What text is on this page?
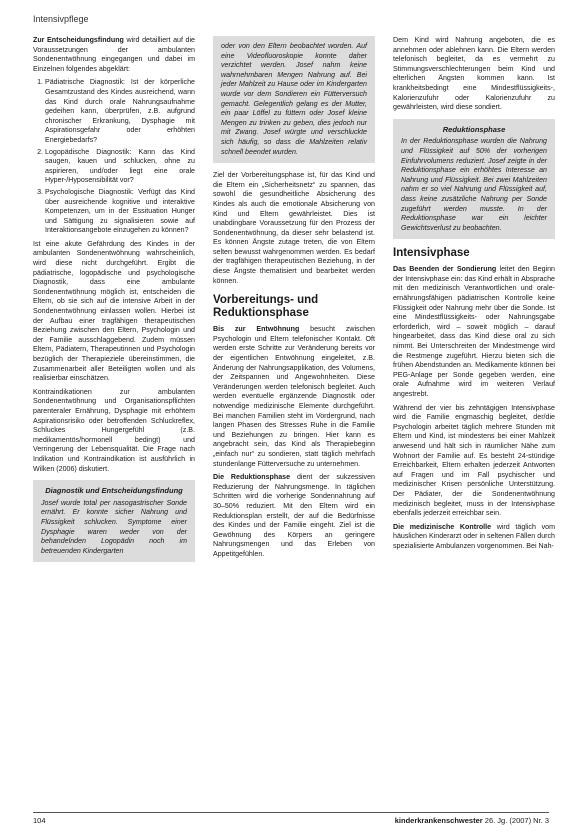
Intensivpflege

Zur Entscheidungsfindung wird detailliert auf die Voraussetzungen der ambulanten Sondenentwöhnung eingegangen und dabei im Einzelnen folgendes abgeklärt:

1. Pädiatrische Diagnostik: Ist der körperliche Gesamtzustand des Kindes ausreichend, wann das Kind durch orale Nahrungsaufnahme gedeihen kann, überprüfen, z.B. aufgrund chronischer Erkrankung, Dysphagie mit Aspirationsgefahr oder erhöhten Energiebedarfs?
2. Logopädische Diagnostik: Kann das Kind saugen, kauen und schlucken, ohne zu aspirieren, und/oder liegt eine orale Hyper-/Hyposensibilität vor?
3. Psychologische Diagnostik: Verfügt das Kind über ausreichende kognitive und interaktive Kompetenzen, um in der Essituation Hunger und Sättigung zu signalisieren sowie auf Interaktionsangebote einzugehen zu können?

Ist eine akute Gefährdung des Kindes in der ambulanten Sondenentwöhnung wahrscheinlich, wird diese nicht durchgeführt. Ergibt die pädiatrische, logopädische und psychologische Diagnostik, dass eine ambulante Sondenentwöhnung möglich ist, entscheiden die Eltern, ob sie sich auf die intensive Arbeit in der Sondenentwöhnung einlassen wollen. Hierbei ist der Aufbau einer tragfähigen therapeutischen Beziehung zwischen den Eltern, Psychologin und der Familie ausschlaggebend. Zudem müssen Eltern, Pädiatern, Therapeutinnen und Psychologin bezüglich der Therapieziele übereinstimmen, die Zusammenarbeit aller Beteiligten wollen und als realisierbar einschätzen.

Kontraindikationen zur ambulanten Sondenentwöhnung und Organisationspflichten parenteraler Ernährung, Dysphagie mit erhöhtem Aspirationsrisiko oder betroffenden Schluckreflex, Schluckes Hungergefühl (z.B. medikamentös/hormonell bedingt) und Verringerung der Lebensqualität. Die Frage nach Indikation und Kontraindikation ist ausführlich in Wilken (2006) diskutiert.

Diagnostik und Entscheidungsfindung

Josef wurde total per nasogastrischer Sonde ernährt. Er konnte sicher Nahrung und Flüssigkeit schlucken. Symptome einer Dysphagie waren weder von der behandelnden Logopädin noch im betreuenden Kindergarten

oder von den Eltern beobachtet worden. Auf eine Videofluoroskopie konnte daher verzichtet werden. Josef nahm keine wahrnehmbaren Mengen Nahrung auf. Bei jeder Mahlzeit zu Hause oder im Kindergarten wurde vor dem Sondieren ein Fütterversuch gemacht. Gelegentlich gelang es der Mutter, ein paar Löffel zu füttern oder Josef kleine Mengen zu trinken zu geben, dies jedoch nur mit Zwang. Josef würgte und verschluckte sich häufig, so dass die Mahlzeiten relativ schnell beendet wurden.

Ziel der Vorbereitungsphase ist, für das Kind und die Eltern ein „Sicherheitsnetz“ zu spannen, das sowohl die gesundheitliche Absicherung des Kindes als auch die emotionale Absicherung von Kind und Eltern gewährleistet. Dies ist unabdingbare Voraussetzung für den Prozess der Sondenentwöhnung, da dieser sehr belastend ist. Es können Ängste zutage treten, die von Eltern selten bewusst wahrgenommen werden. Es bedarf der tragfähigen therapeutischen Beziehung, in der diese Ängste thematisiert und bearbeitet werden können.

Vorbereitungs- und Reduktionsphase

Bis zur Entwöhnung besucht zwischen Psychologin und Eltern telefonischer Kontakt. Oft werden erste Schritte zur Veränderung bereits vor der eigentlichen Entwöhnung eingeleitet, z.B. Änderung der Nahrungsapplikation, des Volumens, der Zeitspannen und Angewohnheiten. Diese Veränderungen werden telefonisch begleitet. Auch werden eventuelle ergänzende Diagnostik oder notwendige medizinische Elemente durchgeführt. Bei manchen Familien steht im Vordergrund, nach langen Phasen des Stresses Ruhe in die Familie und Beziehungen zu bringen. Hier kann es angebracht sein, das Kind als Therapiebeginn „einfach nur“ zu sondieren, statt täglich mehrfach stundenlange Fütterversuche zu unternehmen.

Die Reduktionsphase dient der sukzessiven Reduzierung der Nahrungsmenge. In täglichen Schritten wird die vorherige Sondennahrung auf 30–50% reduziert. Mit den Eltern wird ein Reduktionsplan erstellt, der auf die Bedürfnisse des Kindes und der Familie eingeht. Ziel ist die Gewöhnung des Körpers an geringere Nahrungsmengen und das Erleben von Appetitgefühlen.

Dem Kind wird Nahrung angeboten, die es annehmen oder ablehnen kann. Die Eltern werden telefonisch begleitet, da es vermehrt zu Stimmungsverschlechterungen beim Kind und elterlichen Ängsten kommen kann. Ist krankheitsbedingt eine Mindestflüssigkeits-, Kalorienzufuhr oder Kalorienzufuhr zu gewährleisten, wird diese sondiert.

Reduktionsphase

In der Reduktionsphase wurden die Nahrung und Flüssigkeit auf 50% der vorherigen Einfuhrvolumens reduziert. Josef zeigte in der Reduktionsphase ein erhöhtes Interesse an Nahrung und Flüssigkeit. Bei zwei Mahlzeiten nahm er so viel Nahrung und Flüssigkeit auf, dass keine zusätzliche Nahrung per Sonde zugeführt werden musste. In der Reduktionsphase war ein leichter Gewichtsverlust zu beobachten.

Intensivphase

Das Beenden der Sondierung leitet den Beginn der Intensivphase ein: das Kind erhält in Absprache mit den medizinisch Verantwortlichen und orale-ernährungsfähigen pädiatrischen Kontrolle keine Flüssigkeit oder Nahrung mehr über die Sonde. Ist eine Mindestflüssigkeits- oder Nahrungsgabe erforderlich, wird – soweit möglich – darauf hingearbeitet, dass das Kind diese oral zu sich nimmt. Bei Unterschreiten der Mindestmenge wird die Restmenge zugeführt. Hierzu bieten sich die frühen Abendstunden an. Medikamente können bei PEG-Anlage per Sonde gegeben werden, eine orale Aufnahme wird im weiteren Verlauf angestrebt.

Während der vier bis zehntägigen Intensivphase wird die Familie engmaschig begleitet, der/die Psychologin arbeitet täglich mehrere Stunden mit Eltern und Kind, ist mindestens bei einer Mahlzeit anwesend und hält sich in räumlicher Nähe zum Wohnort der Familie auf. Es besteht 24-stündige Erreichbarkeit, Eltern erhalten jederzeit Antworten auf Fragen und im Fall psychischer und medizinischer Krisen persönliche Unterstützung. Der Pädiater, der die Sondenentwöhnung medizinisch begleitet, muss in der Intensivphase ebenfalls jederzeit erreichbar sein.

Die medizinische Kontrolle wird täglich vom häuslichen Kinderarzt oder in seltenen Fällen durch spezialisierte Ambulanzen vorgenommen. Bei Nah-

104	kinderkrankenschwester 26. Jg. (2007) Nr. 3
